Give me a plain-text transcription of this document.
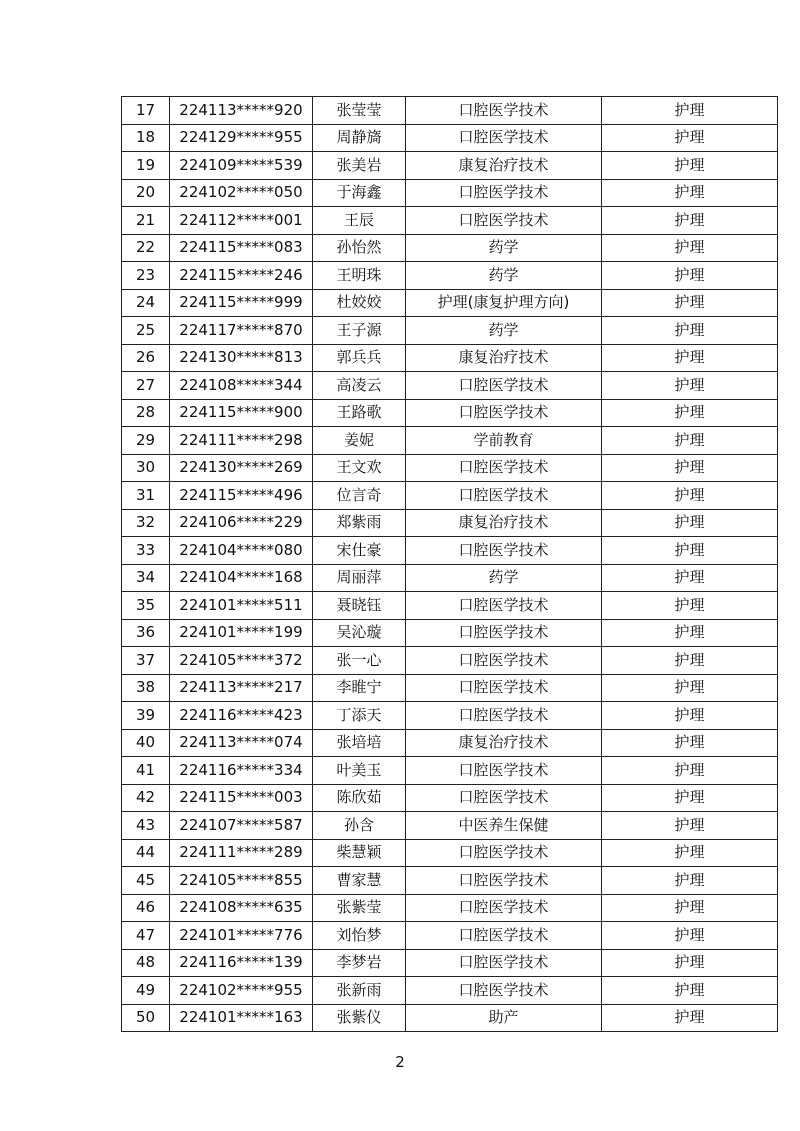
17	224113*****920	张莹莹	口腔医学技术	护理
18	224129*****955	周静旖	口腔医学技术	护理
19	224109*****539	张美岩	康复治疗技术	护理
20	224102*****050	于海鑫	口腔医学技术	护理
21	224112*****001	王辰	口腔医学技术	护理
22	224115*****083	孙怡然	药学	护理
23	224115*****246	王明珠	药学	护理
24	224115*****999	杜姣姣	护理(康复护理方向)	护理
25	224117*****870	王子源	药学	护理
26	224130*****813	郭兵兵	康复治疗技术	护理
27	224108*****344	高凌云	口腔医学技术	护理
28	224115*****900	王路歌	口腔医学技术	护理
29	224111*****298	姜妮	学前教育	护理
30	224130*****269	王文欢	口腔医学技术	护理
31	224115*****496	位言奇	口腔医学技术	护理
32	224106*****229	郑紫雨	康复治疗技术	护理
33	224104*****080	宋仕豪	口腔医学技术	护理
34	224104*****168	周丽萍	药学	护理
35	224101*****511	聂晓钰	口腔医学技术	护理
36	224101*****199	吴沁璇	口腔医学技术	护理
37	224105*****372	张一心	口腔医学技术	护理
38	224113*****217	李睢宁	口腔医学技术	护理
39	224116*****423	丁添天	口腔医学技术	护理
40	224113*****074	张培培	康复治疗技术	护理
41	224116*****334	叶美玉	口腔医学技术	护理
42	224115*****003	陈欣茹	口腔医学技术	护理
43	224107*****587	孙含	中医养生保健	护理
44	224111*****289	柴慧颖	口腔医学技术	护理
45	224105*****855	曹家慧	口腔医学技术	护理
46	224108*****635	张紫莹	口腔医学技术	护理
47	224101*****776	刘怡梦	口腔医学技术	护理
48	224116*****139	李梦岩	口腔医学技术	护理
49	224102*****955	张新雨	口腔医学技术	护理
50	224101*****163	张紫仪	助产	护理
2
